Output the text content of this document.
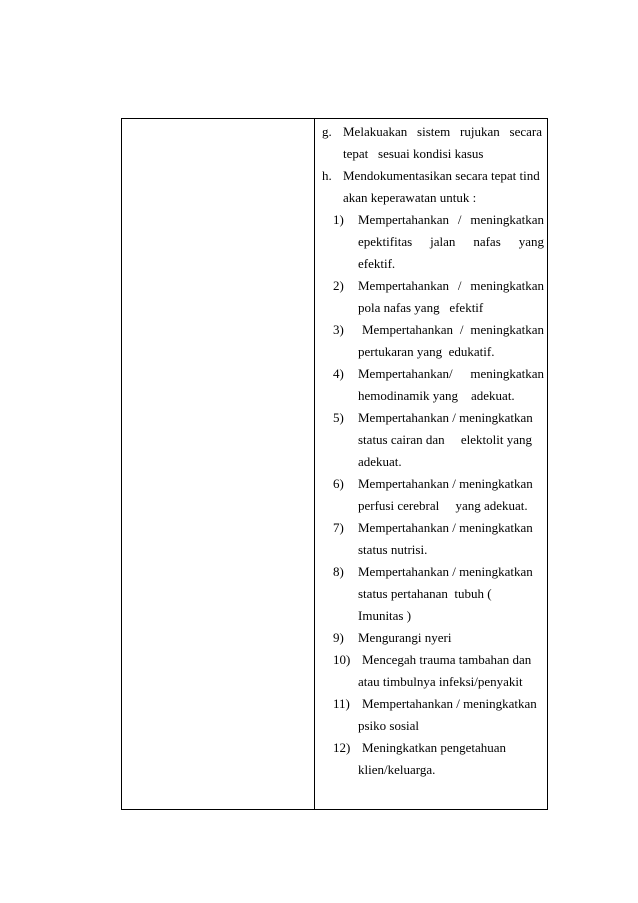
g. Melakuakan sistem rujukan secara
tepat   sesuai kondisi kasus
h. Mendokumentasikan secara tepat tind
akan keperawatan untuk :
1) Mempertahankan / meningkatkan
epektifitas jalan nafas yang
efektif.
2) Mempertahankan / meningkatkan
pola nafas yang   efektif
3) Mempertahankan / meningkatkan
pertukaran yang  edukatif.
4) Mempertahankan/ meningkatkan
hemodinamik yang    adekuat.
5) Mempertahankan / meningkatkan
status cairan dan     elektolit yang
adekuat.
6) Mempertahankan / meningkatkan
perfusi cerebral     yang adekuat.
7) Mempertahankan / meningkatkan
status nutrisi.
8) Mempertahankan / meningkatkan
status pertahanan  tubuh (
Imunitas )
9) Mengurangi nyeri
10) Mencegah trauma tambahan dan
atau timbulnya infeksi/penyakit
11) Mempertahankan / meningkatkan
psiko sosial
12) Meningkatkan pengetahuan
klien/keluarga.
